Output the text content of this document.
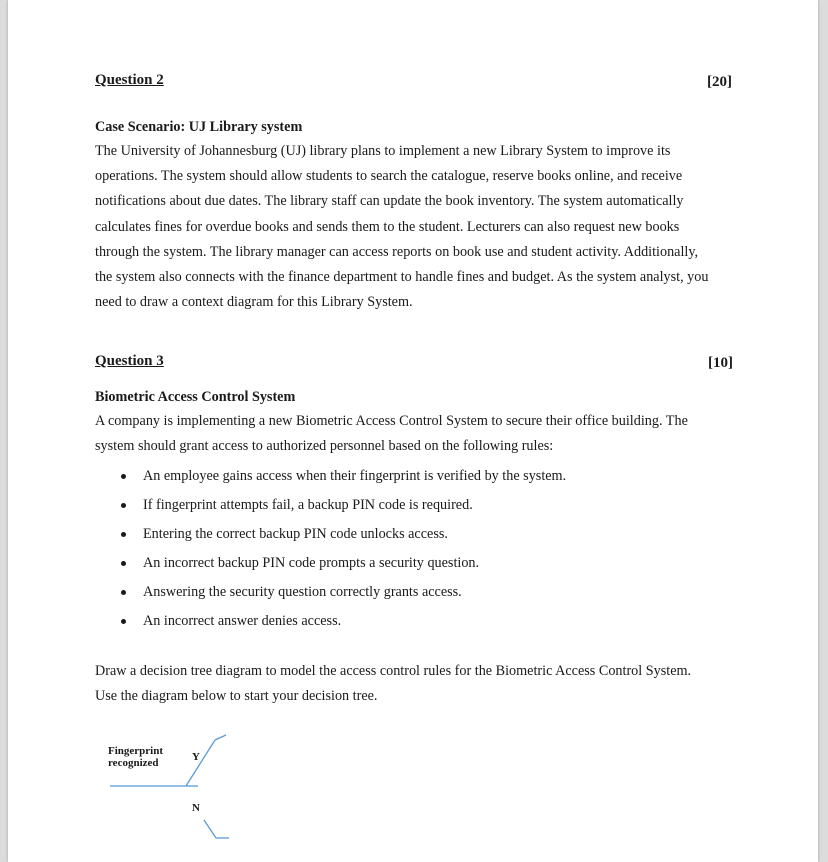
Question 2	[20]
Case Scenario: UJ Library system
The University of Johannesburg (UJ) library plans to implement a new Library System to improve its
operations. The system should allow students to search the catalogue, reserve books online, and receive
notifications about due dates. The library staff can update the book inventory. The system automatically
calculates fines for overdue books and sends them to the student. Lecturers can also request new books
through the system. The library manager can access reports on book use and student activity. Additionally,
the system also connects with the finance department to handle fines and budget. As the system analyst, you
need to draw a context diagram for this Library System.
Question 3	[10]
Biometric Access Control System
A company is implementing a new Biometric Access Control System to secure their office building. The
system should grant access to authorized personnel based on the following rules:
An employee gains access when their fingerprint is verified by the system.
If fingerprint attempts fail, a backup PIN code is required.
Entering the correct backup PIN code unlocks access.
An incorrect backup PIN code prompts a security question.
Answering the security question correctly grants access.
An incorrect answer denies access.
Draw a decision tree diagram to model the access control rules for the Biometric Access Control System.
Use the diagram below to start your decision tree.
Fingerprint
recognized	Y
N
